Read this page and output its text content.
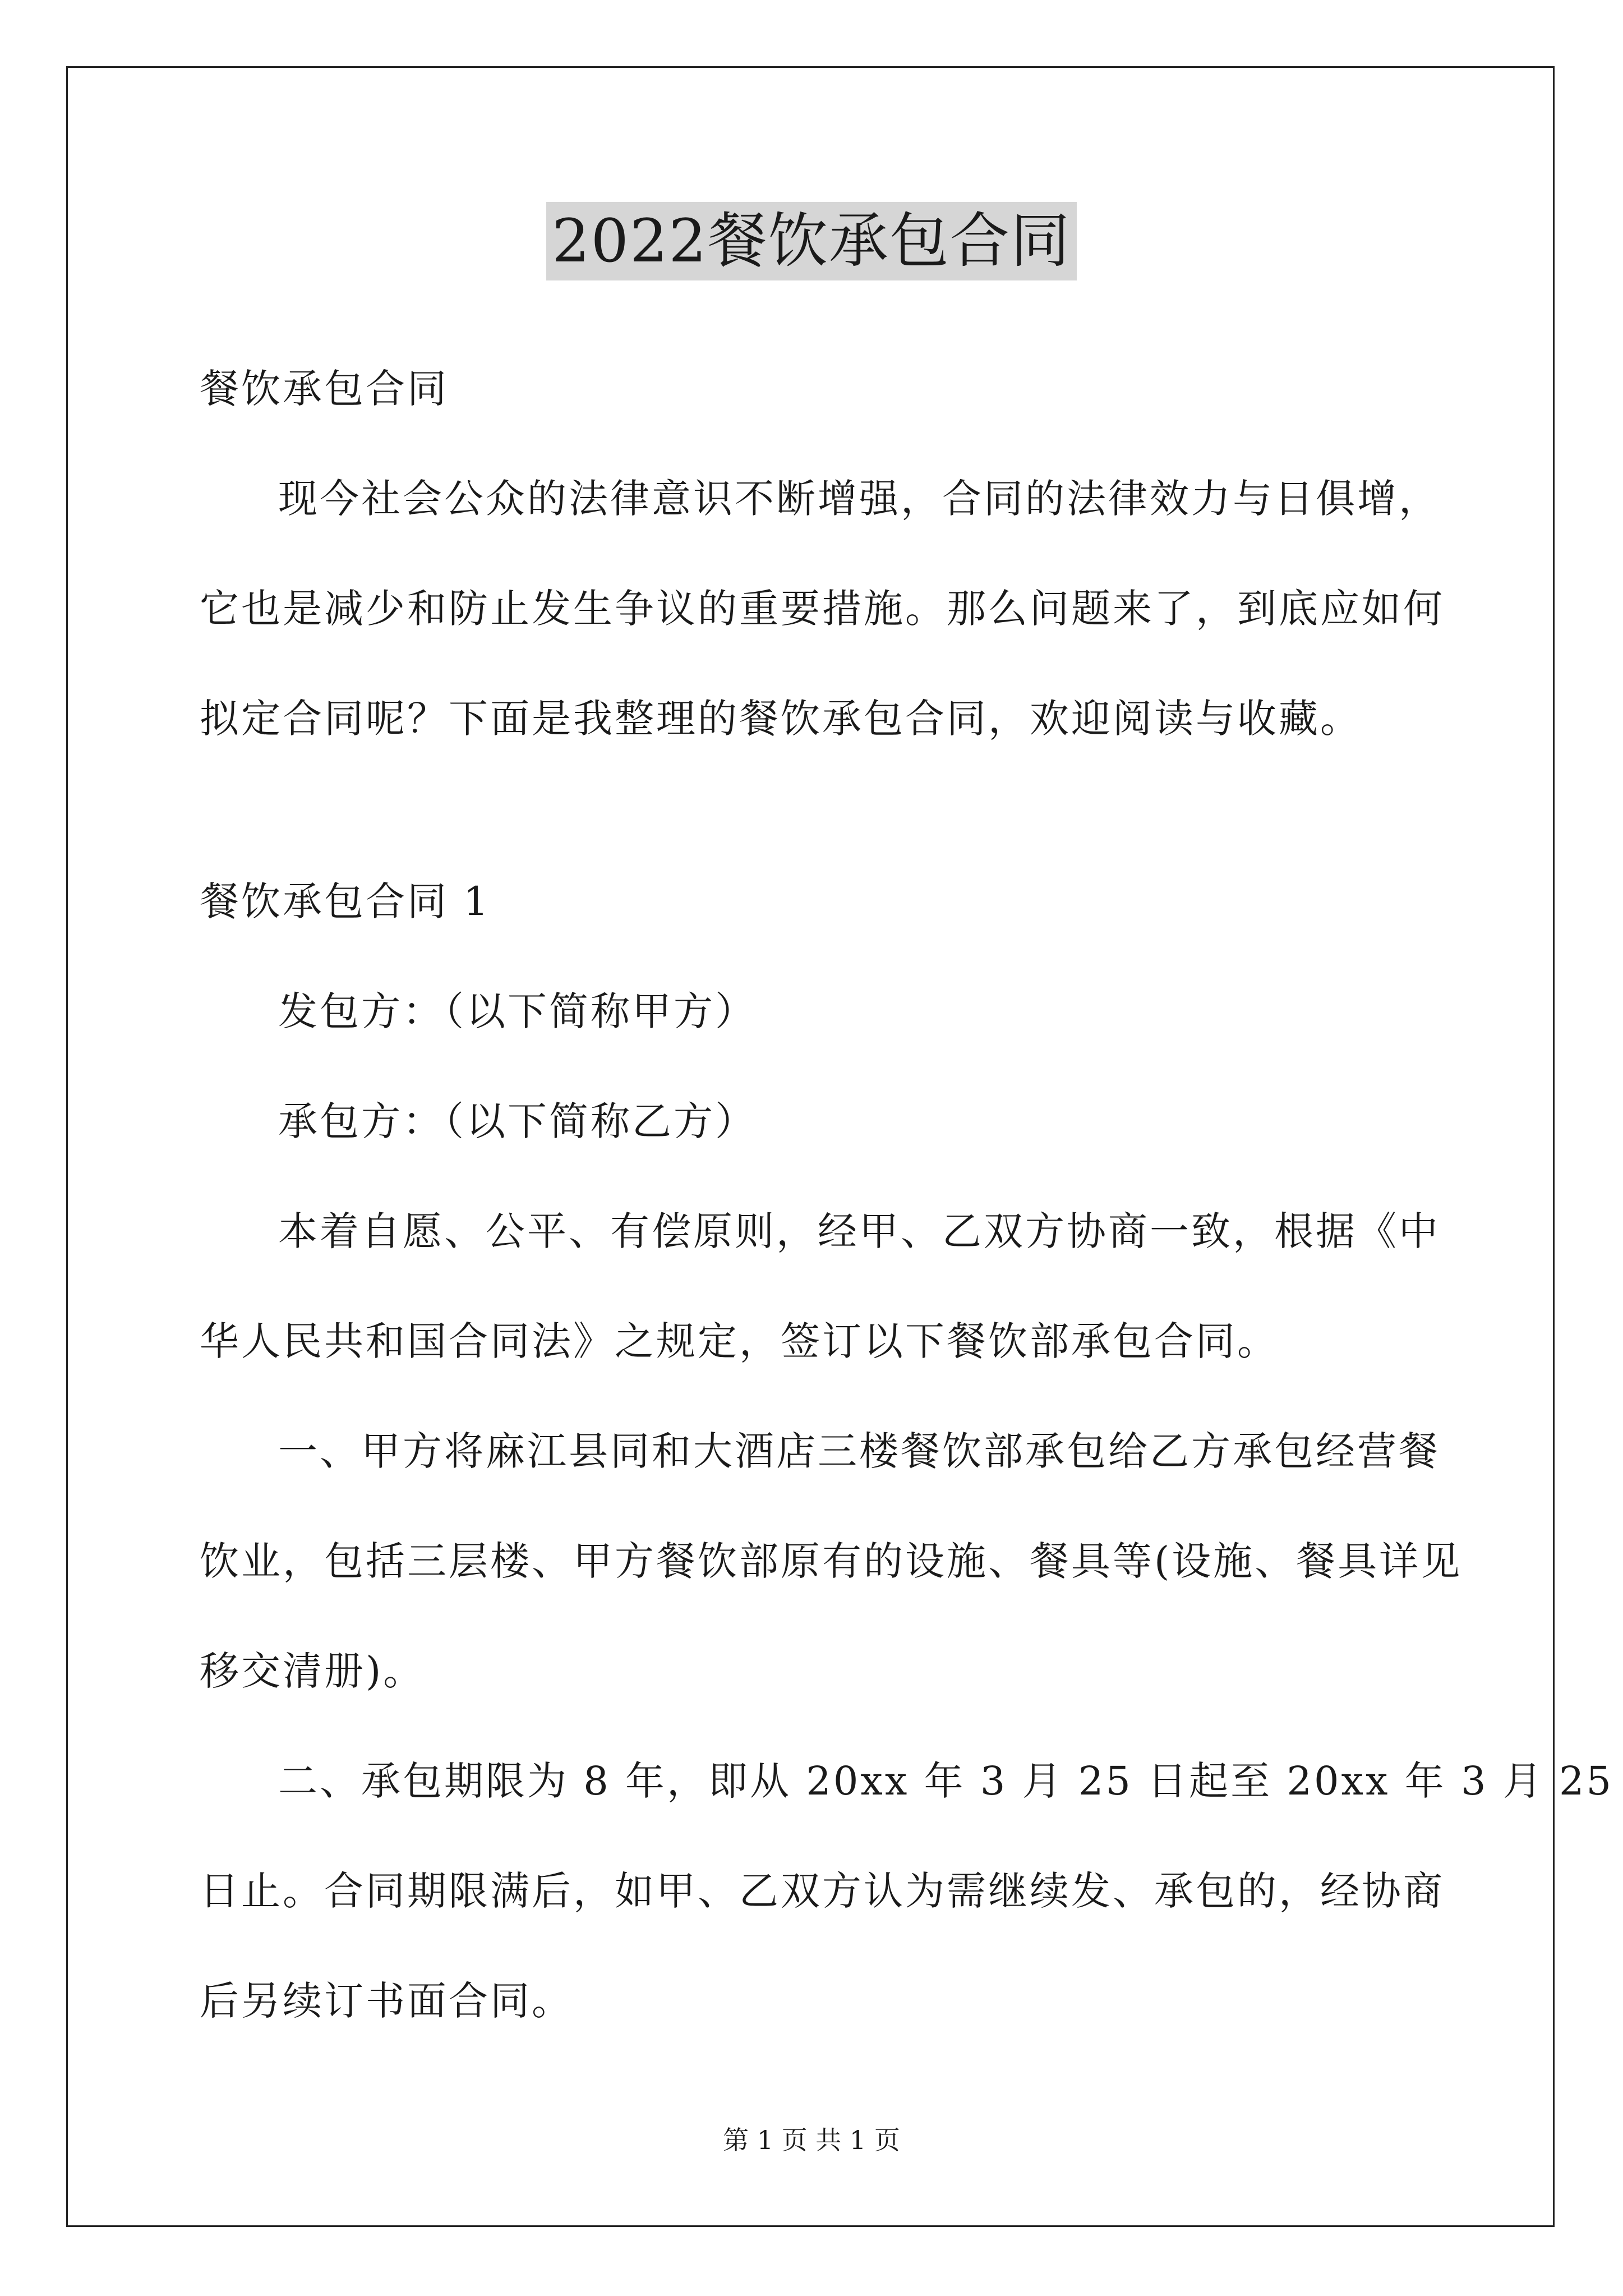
2022餐饮承包合同
餐饮承包合同
现今社会公众的法律意识不断增强，合同的法律效力与日俱增，
它也是减少和防止发生争议的重要措施。那么问题来了，到底应如何
拟定合同呢？下面是我整理的餐饮承包合同，欢迎阅读与收藏。
餐饮承包合同 1
发包方：（以下简称甲方）
承包方：（以下简称乙方）
本着自愿、公平、有偿原则，经甲、乙双方协商一致，根据《中
华人民共和国合同法》之规定，签订以下餐饮部承包合同。
一、甲方将麻江县同和大酒店三楼餐饮部承包给乙方承包经营餐
饮业，包括三层楼、甲方餐饮部原有的设施、餐具等(设施、餐具详见
移交清册)。
二、承包期限为 8 年，即从 20xx 年 3 月 25 日起至 20xx 年 3 月 25
日止。合同期限满后，如甲、乙双方认为需继续发、承包的，经协商
后另续订书面合同。
第 1 页 共 1 页
